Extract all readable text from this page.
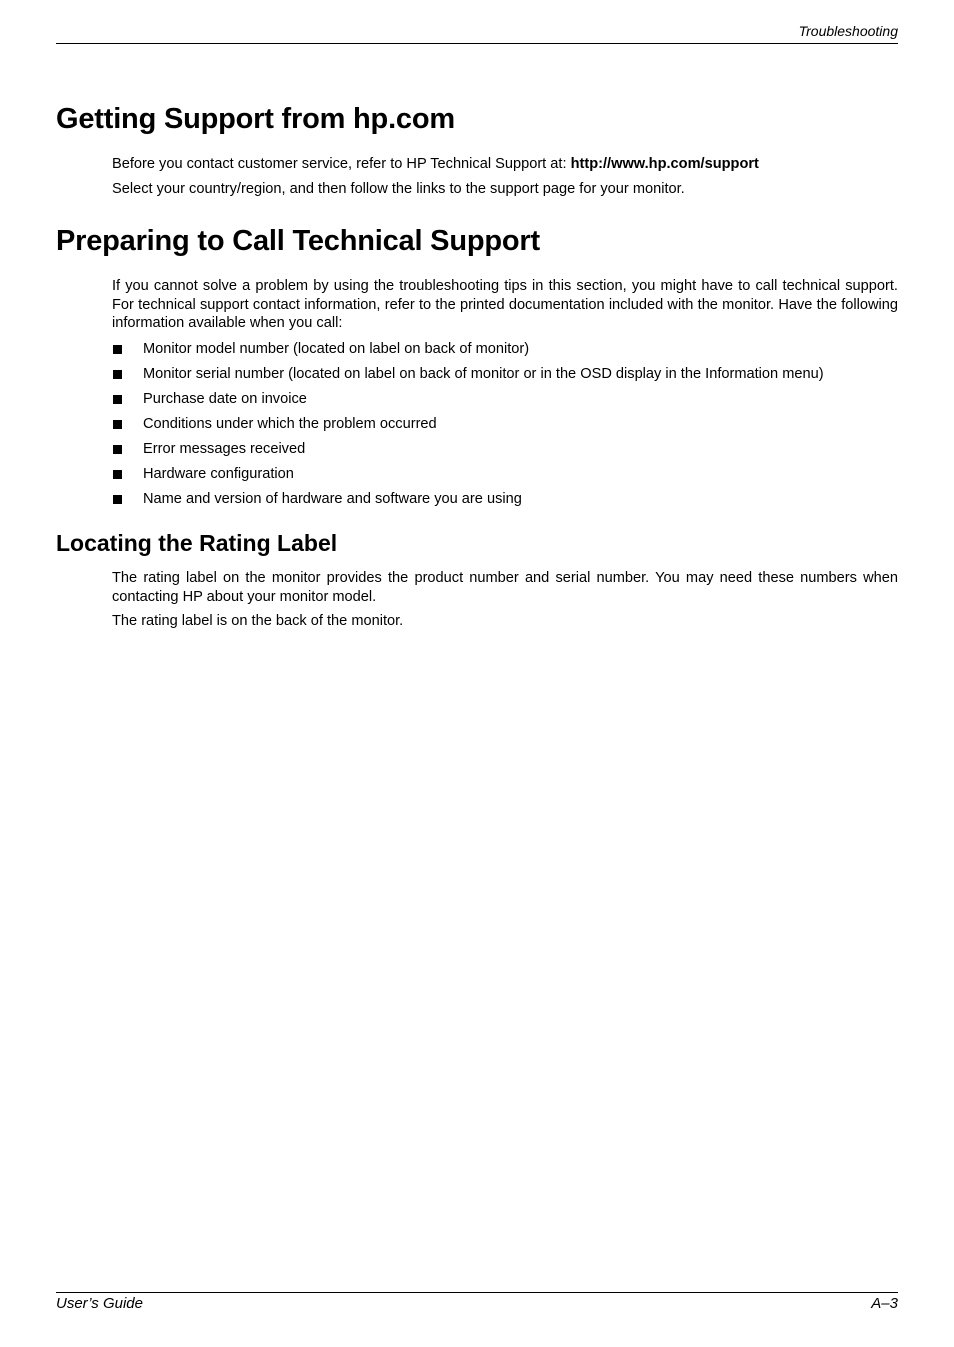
Troubleshooting
Getting Support from hp.com

Before you contact customer service, refer to HP Technical Support at: http://www.hp.com/support

Select your country/region, and then follow the links to the support page for your monitor.

Preparing to Call Technical Support

If you cannot solve a problem by using the troubleshooting tips in this section, you might have to call technical support. For technical support contact information, refer to the printed documentation included with the monitor. Have the following information available when you call:

Monitor model number (located on label on back of monitor)
Monitor serial number (located on label on back of monitor or in the OSD display in the Information menu)
Purchase date on invoice
Conditions under which the problem occurred
Error messages received
Hardware configuration
Name and version of hardware and software you are using
Locating the Rating Label

The rating label on the monitor provides the product number and serial number. You may need these numbers when contacting HP about your monitor model.

The rating label is on the back of the monitor.

User’s Guide	A–3
